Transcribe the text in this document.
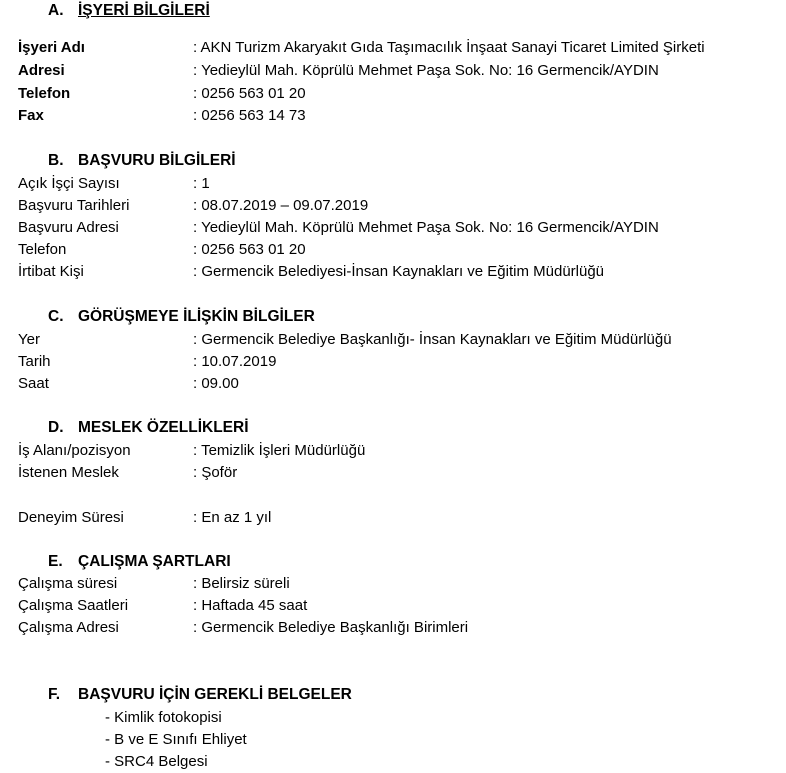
A. İŞYERİ BİLGİLERİ
İşyeri Adı	: AKN Turizm Akaryakıt Gıda Taşımacılık İnşaat Sanayi Ticaret Limited Şirketi
Adresi	: Yedieylül Mah. Köprülü Mehmet Paşa Sok. No: 16 Germencik/AYDIN
Telefon	: 0256 563 01 20
Fax	: 0256 563 14 73
B. BAŞVURU BİLGİLERİ
Açık İşçi Sayısı	: 1
Başvuru Tarihleri	: 08.07.2019 – 09.07.2019
Başvuru Adresi	: Yedieylül Mah. Köprülü Mehmet Paşa Sok. No: 16 Germencik/AYDIN
Telefon	: 0256 563 01 20
İrtibat Kişi	: Germencik Belediyesi-İnsan Kaynakları ve Eğitim Müdürlüğü
C. GÖRÜŞMEYE İLİŞKİN BİLGİLER
Yer	: Germencik Belediye Başkanlığı- İnsan Kaynakları ve Eğitim Müdürlüğü
Tarih	: 10.07.2019
Saat	: 09.00
D. MESLEK ÖZELLİKLERİ
İş Alanı/pozisyon	: Temizlik İşleri Müdürlüğü
İstenen Meslek	: Şoför
Deneyim Süresi	: En az 1 yıl
E. ÇALIŞMA ŞARTLARI
Çalışma süresi	: Belirsiz süreli
Çalışma Saatleri	: Haftada 45 saat
Çalışma Adresi	: Germencik Belediye Başkanlığı Birimleri
F. BAŞVURU İÇİN GEREKLİ BELGELER
- Kimlik fotokopisi
- B ve E Sınıfı Ehliyet
- SRC4 Belgesi
